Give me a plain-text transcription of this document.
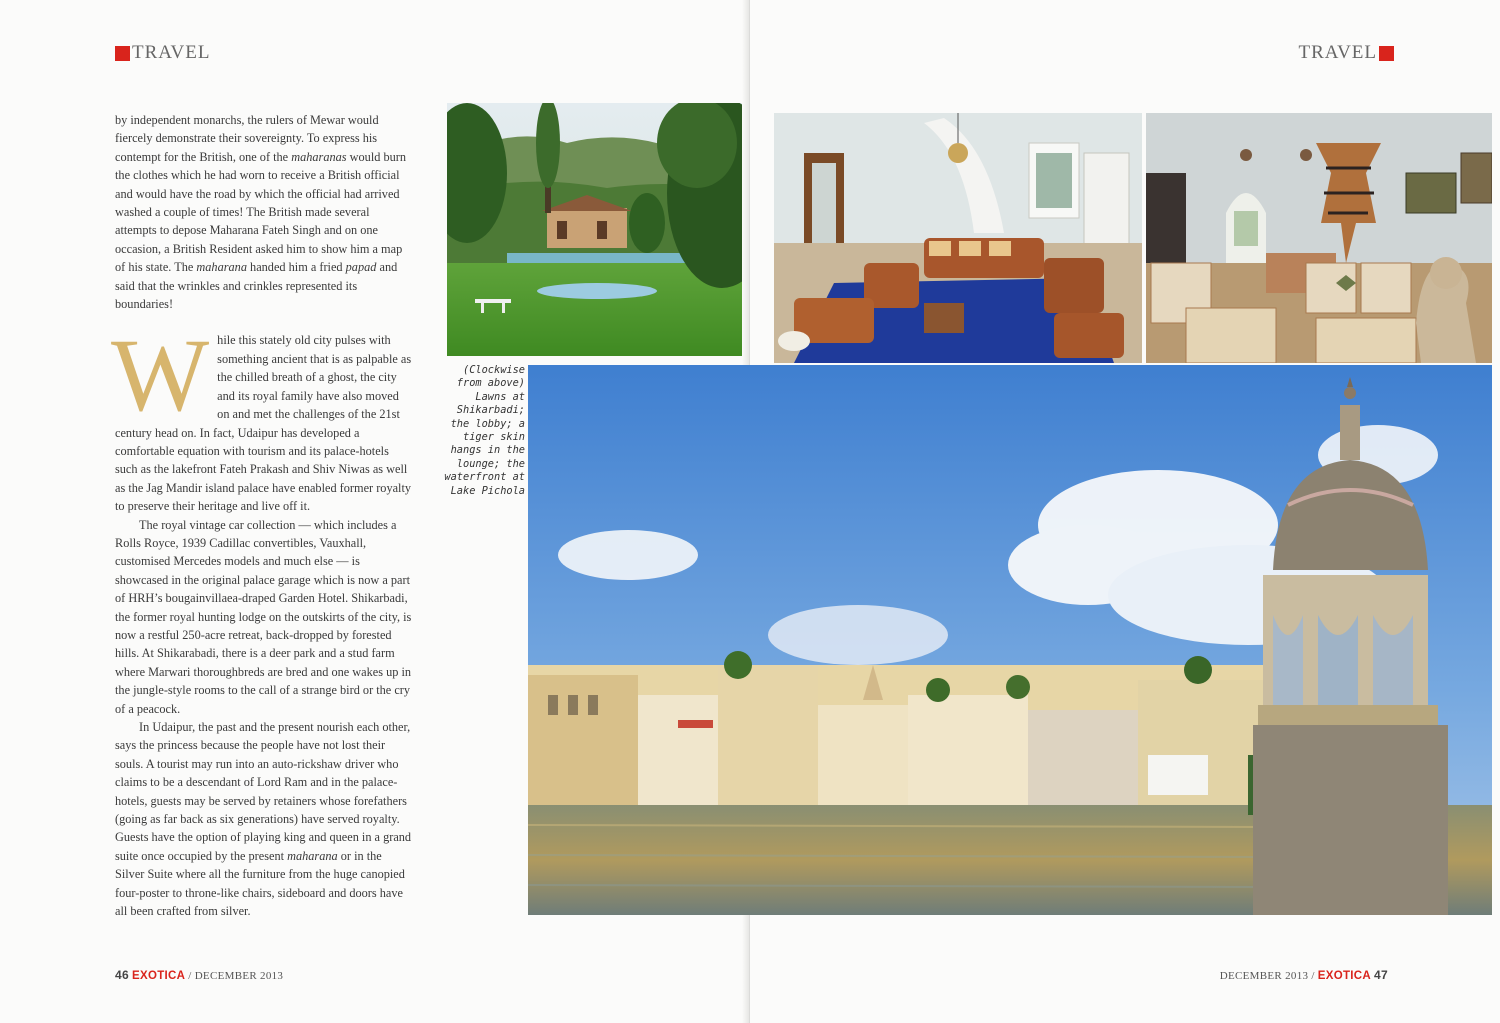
TRAVEL

by independent monarchs, the rulers of Mewar would fiercely demonstrate their sovereignty. To express his contempt for the British, one of the maharanas would burn the clothes which he had worn to receive a British official and would have the road by which the official had arrived washed a couple of times! The British made several attempts to depose Maharana Fateh Singh and on one occasion, a British Resident asked him to show him a map of his state. The maharana handed him a fried papad and said that the wrinkles and crinkles represented its boundaries!

While this stately old city pulses with something ancient that is as palpable as the chilled breath of a ghost, the city and its royal family have also moved on and met the challenges of the 21st century head on. In fact, Udaipur has developed a comfortable equation with tourism and its palace-hotels such as the lakefront Fateh Prakash and Shiv Niwas as well as the Jag Mandir island palace have enabled former royalty to preserve their heritage and live off it.

The royal vintage car collection — which includes a Rolls Royce, 1939 Cadillac convertibles, Vauxhall, customised Mercedes models and much else — is showcased in the original palace garage which is now a part of HRH’s bougainvillaea-draped Garden Hotel. Shikarbadi, the former royal hunting lodge on the outskirts of the city, is now a restful 250-acre retreat, back-dropped by forested hills. At Shikarabadi, there is a deer park and a stud farm where Marwari thoroughbreds are bred and one wakes up in the jungle-style rooms to the call of a strange bird or the cry of a peacock.

In Udaipur, the past and the present nourish each other, says the princess because the people have not lost their souls. A tourist may run into an auto-rickshaw driver who claims to be a descendant of Lord Ram and in the palace-hotels, guests may be served by retainers whose forefathers (going as far back as six generations) have served royalty. Guests have the option of playing king and queen in a grand suite once occupied by the present maharana or in the Silver Suite where all the furniture from the huge canopied four-poster to throne-like chairs, sideboard and doors have all been crafted from silver.

46 EXOTICA / DECEMBER 2013
(Clockwise from above) Lawns at Shikarbadi; the lobby; a tiger skin hangs in the lounge; the waterfront at Lake Pichola
TRAVEL
DECEMBER 2013 / EXOTICA 47
